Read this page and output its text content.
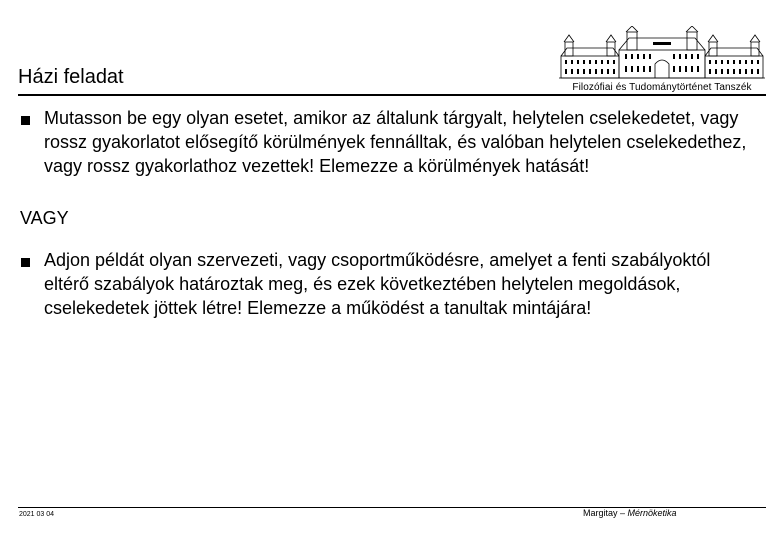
Filozófiai és Tudománytörténet Tanszék
Házi feladat
Mutasson be egy olyan esetet, amikor az általunk tárgyalt, helytelen cselekedetet, vagy rossz gyakorlatot elősegítő körülmények fennálltak, és valóban helytelen cselekedethez, vagy rossz gyakorlathoz vezettek! Elemezze a körülmények hatását!
VAGY
Adjon példát olyan szervezeti, vagy csoportműködésre, amelyet a fenti szabályoktól eltérő szabályok határoztak meg, és ezek következtében helytelen megoldások, cselekedetek jöttek létre! Elemezze a működést a tanultak mintájára!
2021 03 04	Margitay – Mérnöketika
